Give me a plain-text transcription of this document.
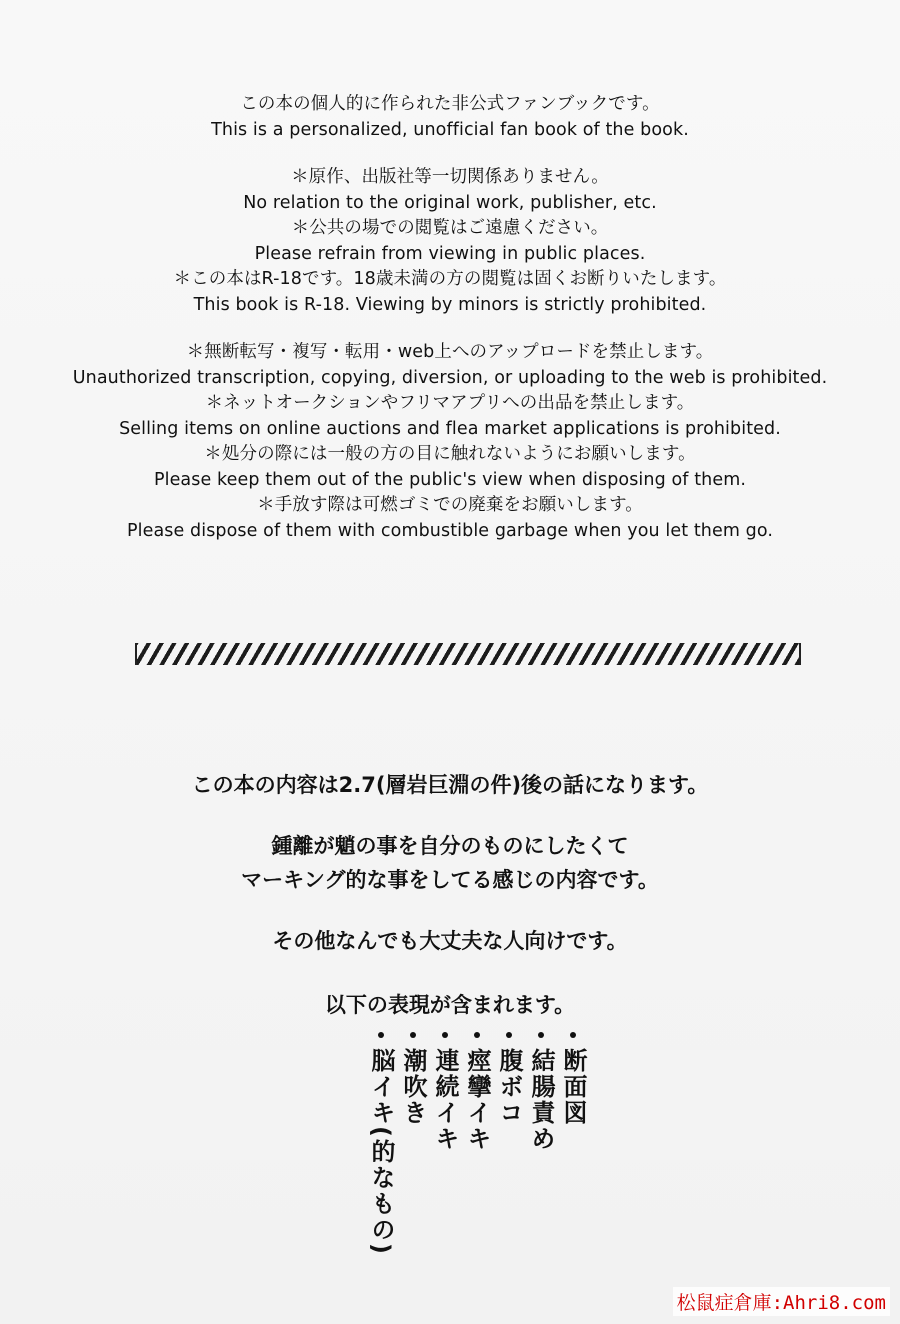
この本の個人的に作られた非公式ファンブックです。
This is a personalized, unofficial fan book of the book.
＊原作、出版社等一切関係ありません。
No relation to the original work, publisher, etc.
＊公共の場での閲覧はご遠慮ください。
Please refrain from viewing in public places.
＊この本はR-18です。18歳未満の方の閲覧は固くお断りいたします。
This book is R-18. Viewing by minors is strictly prohibited.
＊無断転写・複写・転用・web上へのアップロードを禁止します。
Unauthorized transcription, copying, diversion, or uploading to the web is prohibited.
＊ネットオークションやフリマアプリへの出品を禁止します。
Selling items on online auctions and flea market applications is prohibited.
＊処分の際には一般の方の目に触れないようにお願いします。
Please keep them out of the public's view when disposing of them.
＊手放す際は可燃ゴミでの廃棄をお願いします。
Please dispose of them with combustible garbage when you let them go.
この本の内容は2.7(層岩巨淵の件)後の話になります。
鍾離が魈の事を自分のものにしたくて
マーキング的な事をしてる感じの内容です。
その他なんでも大丈夫な人向けです。
以下の表現が含まれます。
断面図
結腸責め
腹ボコ
痙攣イキ
連続イキ
潮吹き
脳イキ(的なもの)
松鼠症倉庫:Ahri8.com
